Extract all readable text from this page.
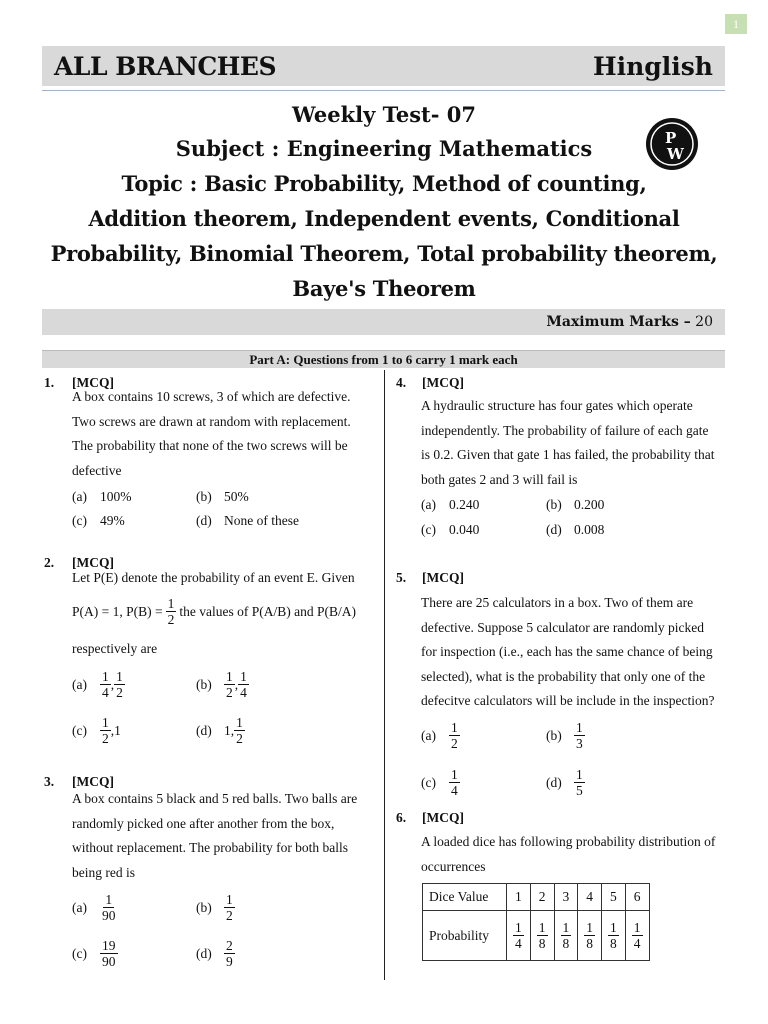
1
ALL BRANCHES	Hinglish
Weekly Test- 07
Subject : Engineering Mathematics
Topic : Basic Probability, Method of counting,
Addition theorem, Independent events, Conditional
Probability, Binomial Theorem, Total probability theorem,
Baye's Theorem
P
W
Maximum Marks – 20
Part A: Questions from 1 to 6 carry 1 mark each
1. [MCQ]
A box contains 10 screws, 3 of which are defective.
Two screws are drawn at random with replacement.
The probability that none of the two screws will be
defective
(a) 100%	(b) 50%
(c) 49%	(d) None of these
2. [MCQ]
Let P(E) denote the probability of an event E. Given
P(A) = 1, $P(B) = \frac{1}{2}$ the values of P(A/B) and P(B/A)
respectively are
$(a) \frac{1}{4}$ , $\frac{1}{2}$	$(b) \frac{1}{2}$ , $\frac{1}{4}$
$(c) \frac{1}{2}$ , 1	(d) 1 , $\frac{1}{2}$
3. [MCQ]
A box contains 5 black and 5 red balls. Two balls are
randomly picked one after another from the box,
without replacement. The probability for both balls
being red is
$(a) \frac{1}{90}$	$(b) \frac{1}{2}$
$(c) \frac{19}{90}$	$(d) \frac{2}{9}$
4. [MCQ]
A hydraulic structure has four gates which operate
independently. The probability of failure of each gate
is 0.2. Given that gate 1 has failed, the probability that
both gates 2 and 3 will fail is
(a) 0.240	(b) 0.200
(c) 0.040	(d) 0.008
5. [MCQ]
There are 25 calculators in a box. Two of them are
defective. Suppose 5 calculator are randomly picked
for inspection (i.e., each has the same chance of being
selected), what is the probability that only one of the
defecitve calculators will be include in the inspection?
$(a) \frac{1}{2}$	$(b) \frac{1}{3}$
$(c) \frac{1}{4}$	$(d) \frac{1}{5}$
6. [MCQ]
A loaded dice has following probability distribution of
occurrences
Dice Value	1	2	3	4	5	6
Probability	$\frac{1}{4}$	$\frac{1}{8}$	$\frac{1}{8}$	$\frac{1}{8}$	$\frac{1}{8}$	$\frac{1}{4}$
